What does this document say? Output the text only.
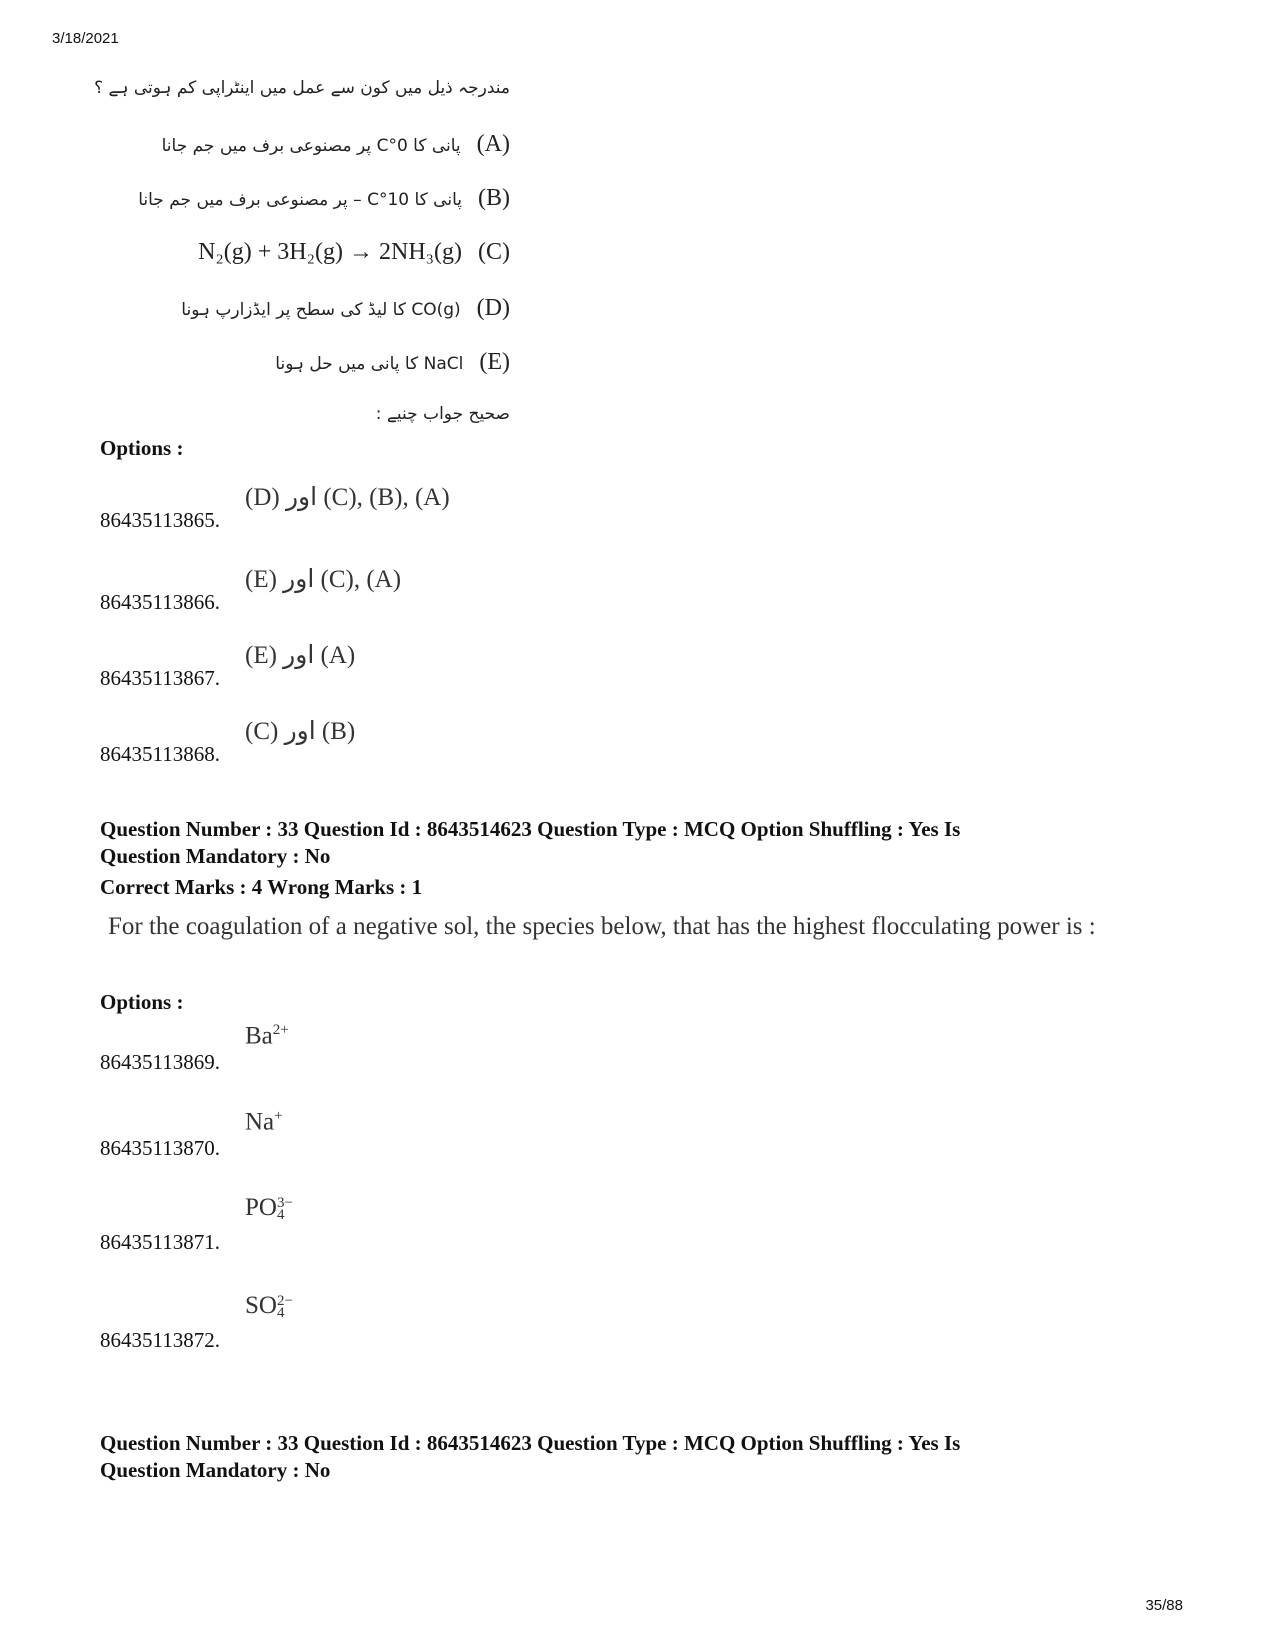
3/18/2021
مندرجہ ذیل میں کون سے عمل میں اینٹراپی کم ہوتی ہے ؟
(A)پانی کا 0°C پر مصنوعی برف میں جم جانا
(B)پانی کا 10°C – پر مصنوعی برف میں جم جانا
(C)N₂(g) + 3H₂(g) → 2NH₃(g)
(D)CO(g) کا لیڈ کی سطح پر ایڈزارپ ہونا
(E)NaCl کا پانی میں حل ہونا
صحیح جواب چنیے :
Options :
86435113865.
(D) اور (C), (B), (A)
86435113866.
(E) اور (C), (A)
86435113867.
(E) اور (A)
86435113868.
(C) اور (B)
Question Number : 33 Question Id : 8643514623 Question Type : MCQ Option Shuffling : Yes Is
Question Mandatory : No
Correct Marks : 4 Wrong Marks : 1
For the coagulation of a negative sol, the species below, that has the highest flocculating power is :
Options :
86435113869.
$Ba^{2+}$
86435113870.
Na+
86435113871.
PO 3−
4
86435113872.
SO 2−
4
Question Number : 33 Question Id : 8643514623 Question Type : MCQ Option Shuffling : Yes Is
Question Mandatory : No
35/88
